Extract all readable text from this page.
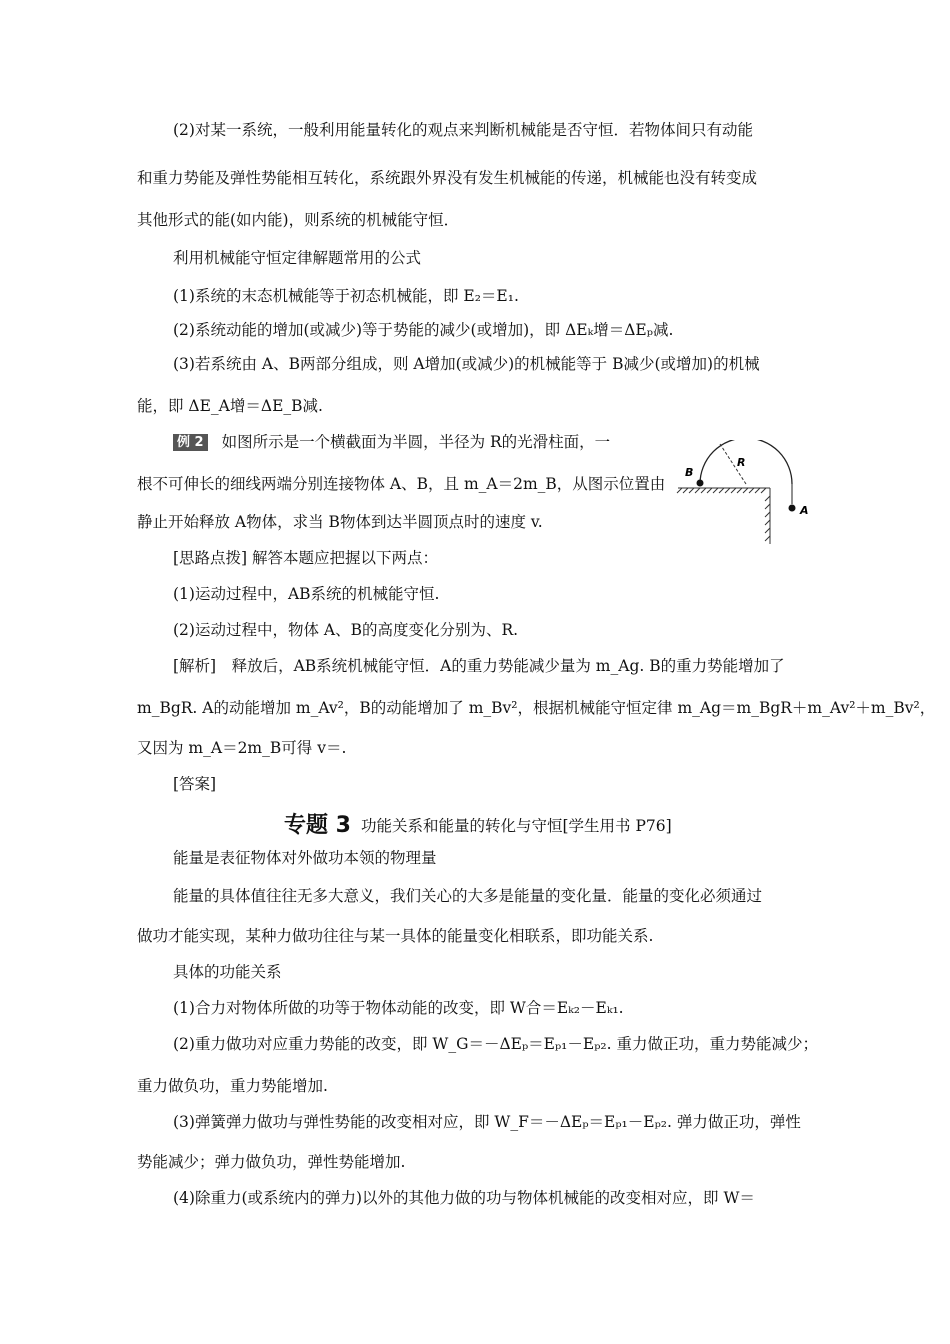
(2)对某一系统，一般利用能量转化的观点来判断机械能是否守恒．若物体间只有动能
和重力势能及弹性势能相互转化，系统跟外界没有发生机械能的传递，机械能也没有转变成
其他形式的能(如内能)，则系统的机械能守恒．
利用机械能守恒定律解题常用的公式
(1)系统的末态机械能等于初态机械能，即 E₂＝E₁.
(2)系统动能的增加(或减少)等于势能的减少(或增加)，即 ΔEₖ增＝ΔEₚ减.
(3)若系统由 A、B两部分组成，则 A增加(或减少)的机械能等于 B减少(或增加)的机械
能，即 ΔE_A增＝ΔE_B减.
例 2 如图所示是一个横截面为半圆，半径为 R的光滑柱面，一
根不可伸长的细线两端分别连接物体 A、B，且 m_A＝2m_B，从图示位置由
静止开始释放 A物体，求当 B物体到达半圆顶点时的速度 v.
B
R
A
[思路点拨] 解答本题应把握以下两点：
(1)运动过程中，AB系统的机械能守恒.
(2)运动过程中，物体 A、B的高度变化分别为、R.
[解析]　释放后，AB系统机械能守恒．A的重力势能减少量为 m_Ag. B的重力势能增加了
m_BgR. A的动能增加 m_Av²，B的动能增加了 m_Bv²，根据机械能守恒定律 m_Ag＝m_BgR＋m_Av²＋m_Bv²，
又因为 m_A＝2m_B可得 v＝.
[答案]
专题 3 功能关系和能量的转化与守恒[学生用书 P76]
能量是表征物体对外做功本领的物理量
能量的具体值往往无多大意义，我们关心的大多是能量的变化量．能量的变化必须通过
做功才能实现，某种力做功往往与某一具体的能量变化相联系，即功能关系.
具体的功能关系
(1)合力对物体所做的功等于物体动能的改变，即 W合＝Eₖ₂－Eₖ₁.
(2)重力做功对应重力势能的改变，即 W_G＝－ΔEₚ＝Eₚ₁－Eₚ₂. 重力做正功，重力势能减少；
重力做负功，重力势能增加.
(3)弹簧弹力做功与弹性势能的改变相对应，即 W_F＝－ΔEₚ＝Eₚ₁－Eₚ₂. 弹力做正功，弹性
势能减少；弹力做负功，弹性势能增加.
(4)除重力(或系统内的弹力)以外的其他力做的功与物体机械能的改变相对应，即 W＝
